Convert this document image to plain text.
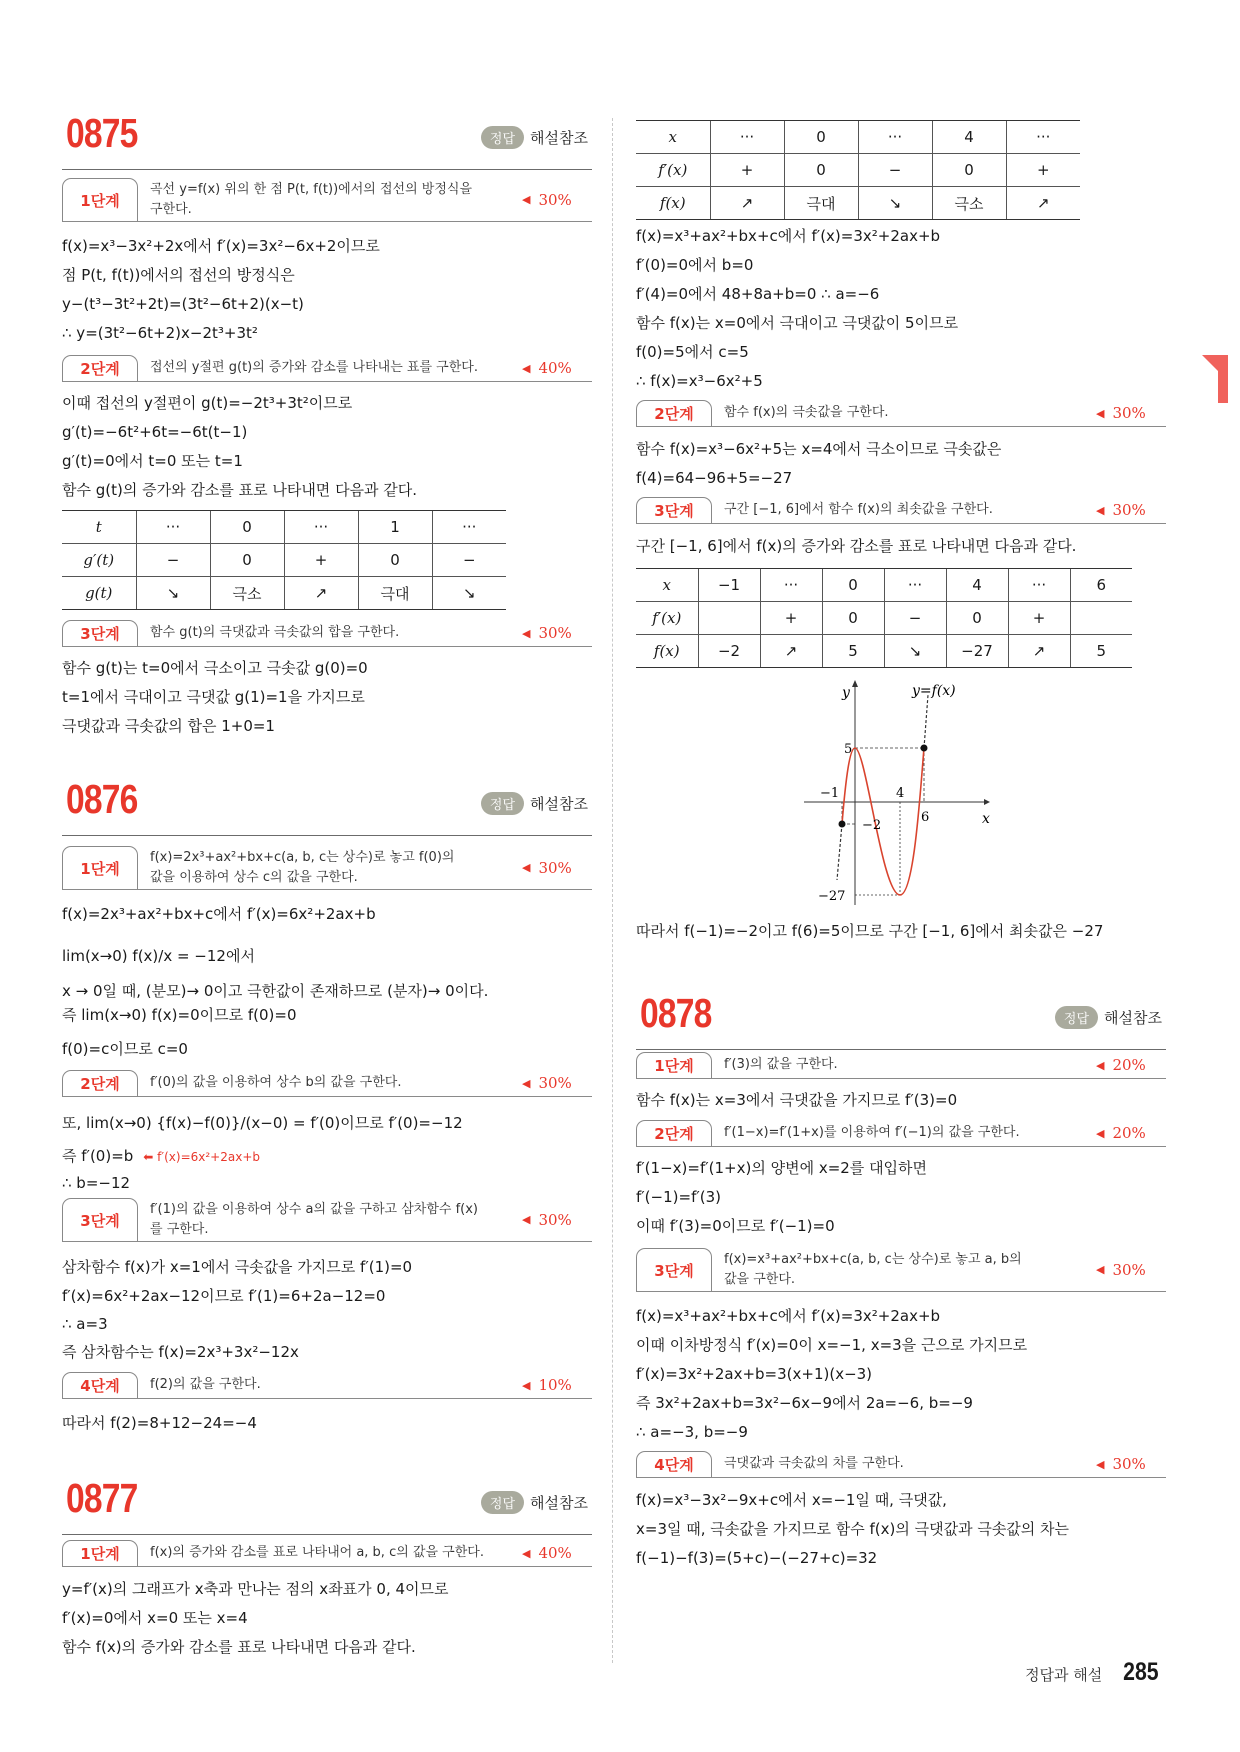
0875	정답	해설참조
1단계
곡선 y=f(x) 위의 한 점 P(t, f(t))에서의 접선의 방정식을
구한다.
◀ 30%
f(x)=x³−3x²+2x에서 f′(x)=3x²−6x+2이므로
점 P(t, f(t))에서의 접선의 방정식은
y−(t³−3t²+2t)=(3t²−6t+2)(x−t)
∴ y=(3t²−6t+2)x−2t³+3t²
2단계	접선의 y절편 g(t)의 증가와 감소를 나타내는 표를 구한다.	◀ 40%
이때 접선의 y절편이 g(t)=−2t³+3t²이므로
g′(t)=−6t²+6t=−6t(t−1)
g′(t)=0에서 t=0 또는 t=1
함수 g(t)의 증가와 감소를 표로 나타내면 다음과 같다.
t	···	0	···	1	···
g′(t)	−	0	+	0	−
g(t)	↘	극소	↗	극대	↘
3단계	함수 g(t)의 극댓값과 극솟값의 합을 구한다.	◀ 30%
함수 g(t)는 t=0에서 극소이고 극솟값 g(0)=0
t=1에서 극대이고 극댓값 g(1)=1을 가지므로
극댓값과 극솟값의 합은 1+0=1
0876	정답	해설참조
1단계
f(x)=2x³+ax²+bx+c(a, b, c는 상수)로 놓고 f(0)의
값을 이용하여 상수 c의 값을 구한다.
◀ 30%
f(x)=2x³+ax²+bx+c에서 f′(x)=6x²+2ax+b
lim(x→0) f(x)/x = −12에서
x → 0일 때, (분모)→ 0이고 극한값이 존재하므로 (분자)→ 0이다.
즉 lim(x→0) f(x)=0이므로 f(0)=0
f(0)=c이므로 c=0
2단계	f′(0)의 값을 이용하여 상수 b의 값을 구한다.	◀ 30%
또, lim(x→0) {f(x)−f(0)}/(x−0) = f′(0)이므로 f′(0)=−12
즉 f′(0)=b ⬅ f′(x)=6x²+2ax+b
∴ b=−12
3단계
f′(1)의 값을 이용하여 상수 a의 값을 구하고 삼차함수 f(x)
를 구한다.
◀ 30%
삼차함수 f(x)가 x=1에서 극솟값을 가지므로 f′(1)=0
f′(x)=6x²+2ax−12이므로 f′(1)=6+2a−12=0
∴ a=3
즉 삼차함수는 f(x)=2x³+3x²−12x
4단계	f(2)의 값을 구한다.	◀ 10%
따라서 f(2)=8+12−24=−4
0877	정답	해설참조
1단계	f(x)의 증가와 감소를 표로 나타내어 a, b, c의 값을 구한다.	◀ 40%
y=f′(x)의 그래프가 x축과 만나는 점의 x좌표가 0, 4이므로
f′(x)=0에서 x=0 또는 x=4
함수 f(x)의 증가와 감소를 표로 나타내면 다음과 같다.
x	···	0	···	4	···
f′(x)	+	0	−	0	+
f(x)	↗	극대	↘	극소	↗
f(x)=x³+ax²+bx+c에서 f′(x)=3x²+2ax+b
f′(0)=0에서 b=0
f′(4)=0에서 48+8a+b=0 ∴ a=−6
함수 f(x)는 x=0에서 극대이고 극댓값이 5이므로
f(0)=5에서 c=5
∴ f(x)=x³−6x²+5
2단계	함수 f(x)의 극솟값을 구한다.	◀ 30%
함수 f(x)=x³−6x²+5는 x=4에서 극소이므로 극솟값은
f(4)=64−96+5=−27
3단계	구간 [−1, 6]에서 함수 f(x)의 최솟값을 구한다.	◀ 30%
구간 [−1, 6]에서 f(x)의 증가와 감소를 표로 나타내면 다음과 같다.
x	−1	···	0	···	4	···	6
f′(x)		+	0	−	0	+	
f(x)	−2	↗	5	↘	−27	↗	5
y
x
y=f(x)
5
−1	4
6
−2
−27
따라서 f(−1)=−2이고 f(6)=5이므로 구간 [−1, 6]에서 최솟값은 −27
0878	정답	해설참조
1단계	f′(3)의 값을 구한다.	◀ 20%
함수 f(x)는 x=3에서 극댓값을 가지므로 f′(3)=0
2단계	f′(1−x)=f′(1+x)를 이용하여 f′(−1)의 값을 구한다.	◀ 20%
f′(1−x)=f′(1+x)의 양변에 x=2를 대입하면
f′(−1)=f′(3)
이때 f′(3)=0이므로 f′(−1)=0
3단계
f(x)=x³+ax²+bx+c(a, b, c는 상수)로 놓고 a, b의
값을 구한다.
◀ 30%
f(x)=x³+ax²+bx+c에서 f′(x)=3x²+2ax+b
이때 이차방정식 f′(x)=0이 x=−1, x=3을 근으로 가지므로
f′(x)=3x²+2ax+b=3(x+1)(x−3)
즉 3x²+2ax+b=3x²−6x−9에서 2a=−6, b=−9
∴ a=−3, b=−9
4단계	극댓값과 극솟값의 차를 구한다.	◀ 30%
f(x)=x³−3x²−9x+c에서 x=−1일 때, 극댓값,
x=3일 때, 극솟값을 가지므로 함수 f(x)의 극댓값과 극솟값의 차는
f(−1)−f(3)=(5+c)−(−27+c)=32
정답과 해설 285
